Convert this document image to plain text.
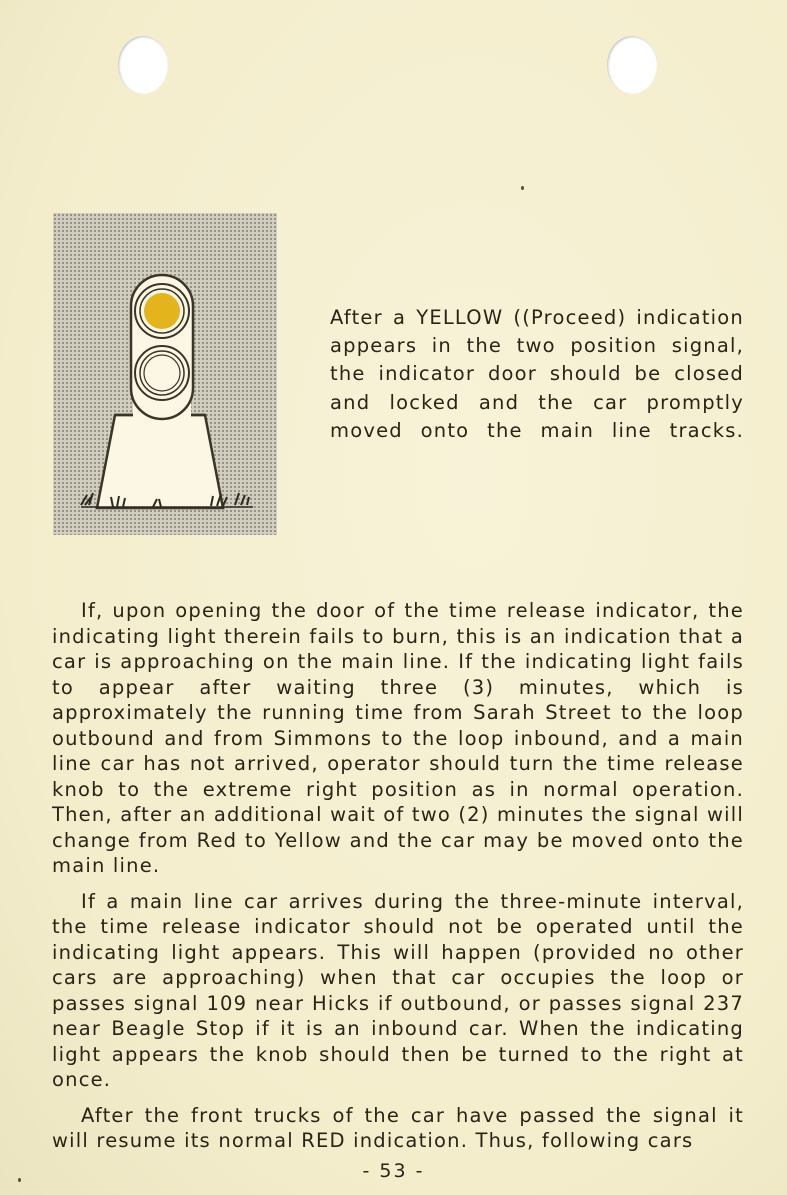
After a YELLOW ((Proceed) indication appears in the two position signal, the indicator door should be closed and locked and the car promptly moved onto the main line tracks.

If, upon opening the door of the time release indicator, the indicating light therein fails to burn, this is an indication that a car is approaching on the main line. If the indicating light fails to appear after waiting three (3) minutes, which is approximately the running time from Sarah Street to the loop outbound and from Simmons to the loop inbound, and a main line car has not arrived, operator should turn the time release knob to the extreme right position as in normal operation. Then, after an additional wait of two (2) minutes the signal will change from Red to Yellow and the car may be moved onto the main line.

If a main line car arrives during the three-minute interval, the time release indicator should not be operated until the indicating light appears. This will happen (provided no other cars are approaching) when that car occupies the loop or passes signal 109 near Hicks if outbound, or passes signal 237 near Beagle Stop if it is an inbound car. When the indicating light appears the knob should then be turned to the right at once.

After the front trucks of the car have passed the signal it will resume its normal RED indication. Thus, following cars

- 53 -
